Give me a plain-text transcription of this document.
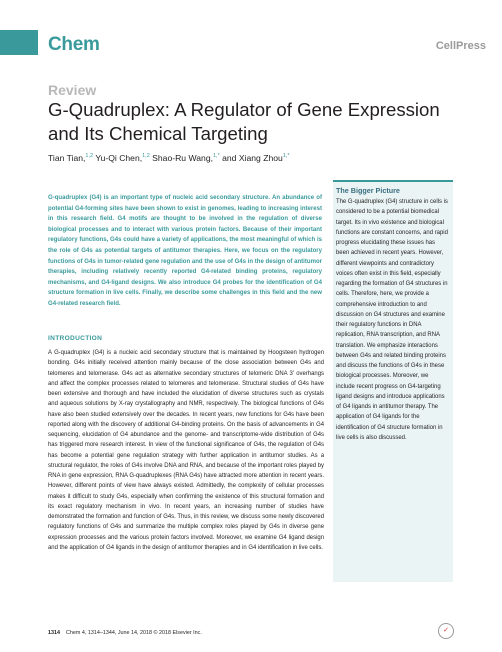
Chem	CellPress
Review
G-Quadruplex: A Regulator of Gene Expression and Its Chemical Targeting
Tian Tian,$^{1,2}$ Yu-Qi Chen,$^{1,2}$ Shao-Ru Wang,$^{1,*}$ and Xiang Zhou$^{1,*}$

G-quadruplex (G4) is an important type of nucleic acid secondary structure. An abundance of potential G4-forming sites have been shown to exist in genomes, leading to increasing interest in this research field. G4 motifs are thought to be involved in the regulation of diverse biological processes and to interact with various protein factors. Because of their important regulatory functions, G4s could have a variety of applications, the most meaningful of which is the role of G4s as potential targets of antitumor therapies. Here, we focus on the regulatory functions of G4s in tumor-related gene regulation and the use of G4s in the design of antitumor therapies, including relatively recently reported G4-related binding proteins, regulatory mechanisms, and G4-ligand designs. We also introduce G4 probes for the identification of G4 structure formation in live cells. Finally, we describe some challenges in this field and the new G4-related research field.

INTRODUCTION

A G-quadruplex (G4) is a nucleic acid secondary structure that is maintained by Hoogsteen hydrogen bonding. G4s initially received attention mainly because of the close association between G4s and telomeres and telomerase. G4s act as alternative secondary structures of telomeric DNA 3′ overhangs and affect the complex processes related to telomeres and telomerase. Structural studies of G4s have been extensive and thorough and have included the elucidation of diverse structures such as crystals and aqueous solutions by X-ray crystallography and NMR, respectively. The biological functions of G4s have also been studied extensively over the decades. In recent years, new functions for G4s have been reported along with the discovery of additional G4-binding proteins. On the basis of advancements in G4 sequencing, elucidation of G4 abundance and the genome- and transcriptome-wide distribution of G4s has triggered more research interest. In view of the functional significance of G4s, the regulation of G4s has become a potential gene regulation strategy with further application in antitumor studies. As a structural regulator, the roles of G4s involve DNA and RNA, and because of the important roles played by RNA in gene expression, RNA G-quadruplexes (RNA G4s) have attracted more attention in recent years. However, different points of view have always existed. Admittedly, the complexity of cellular processes makes it difficult to study G4s, especially when confirming the existence of this structural formation and its exact regulatory mechanism in vivo. In recent years, an increasing number of studies have demonstrated the formation and function of G4s. Thus, in this review, we discuss some newly discovered regulatory functions of G4s and summarize the multiple complex roles played by G4s in diverse gene expression processes and the various protein factors involved. Moreover, we examine G4 ligand design and the application of G4 ligands in the design of antitumor therapies and in G4 identification in live cells.

The Bigger Picture

The G-quadruplex (G4) structure in cells is considered to be a potential biomedical target. Its in vivo existence and biological functions are constant concerns, and rapid progress elucidating these issues has been achieved in recent years. However, different viewpoints and contradictory voices often exist in this field, especially regarding the formation of G4 structures in cells. Therefore, here, we provide a comprehensive introduction to and discussion on G4 structures and examine their regulatory functions in DNA replication, RNA transcription, and RNA translation. We emphasize interactions between G4s and related binding proteins and discuss the functions of G4s in these biological processes. Moreover, we include recent progress on G4-targeting ligand designs and introduce applications of G4 ligands in antitumor therapy. The application of G4 ligands for the identification of G4 structure formation in live cells is also discussed.

1314 Chem 4, 1314–1344, June 14, 2018 © 2018 Elsevier Inc.	✓
